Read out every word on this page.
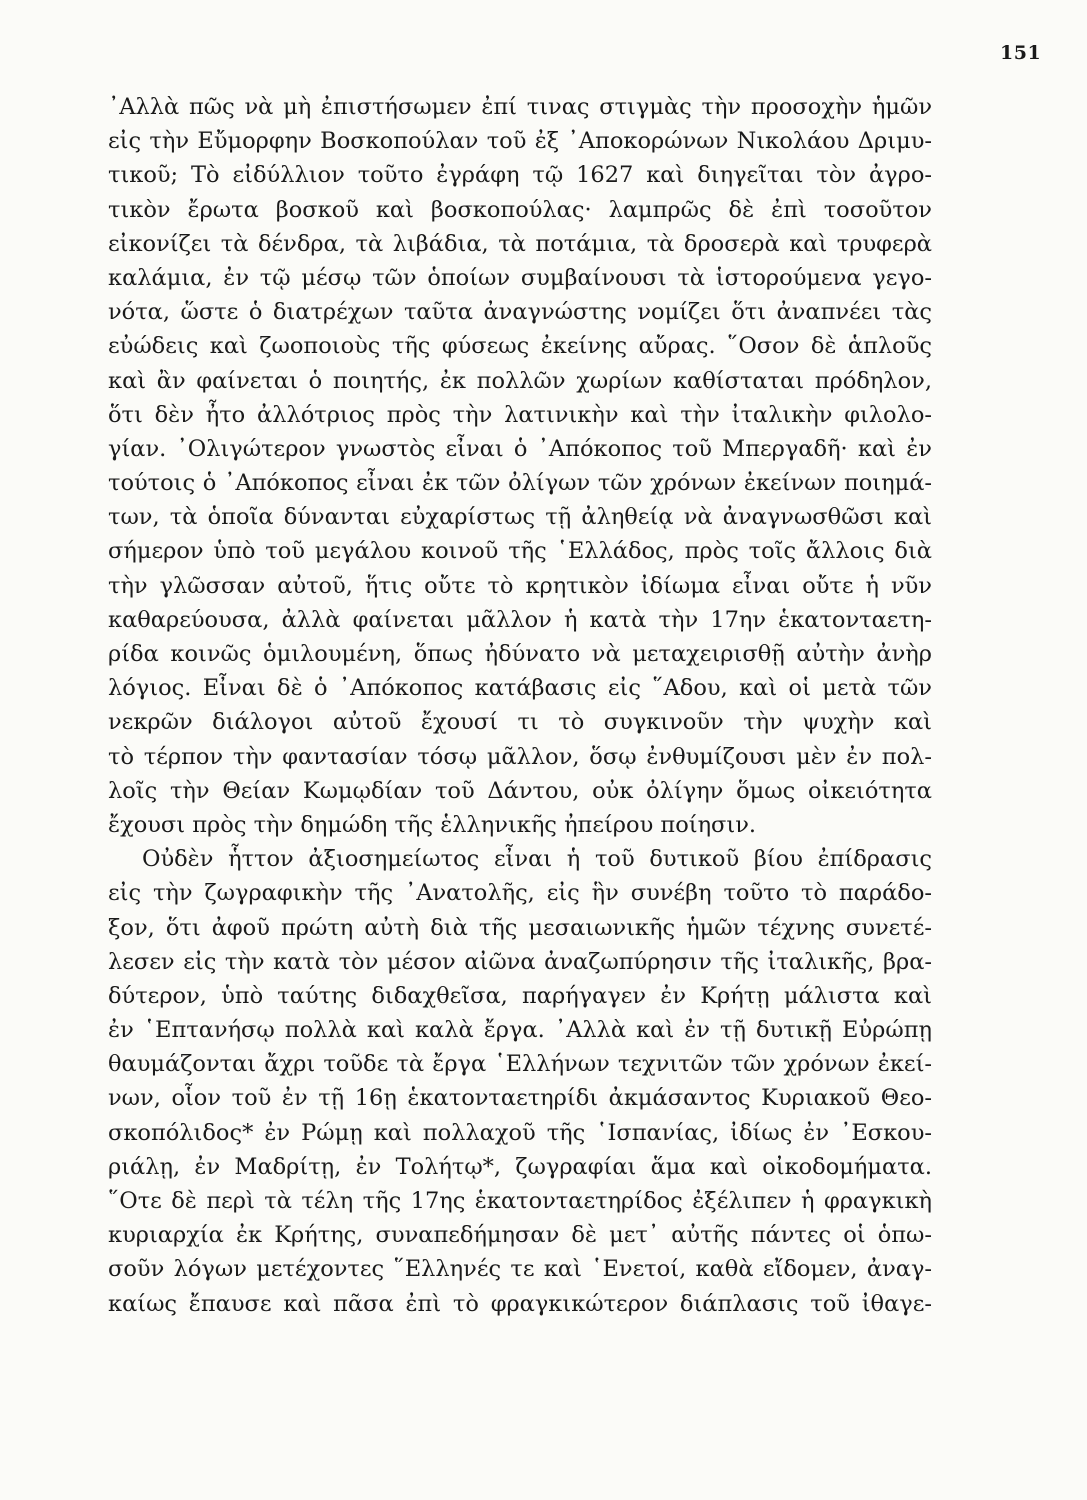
151
᾿Αλλὰ πῶς νὰ μὴ ἐπιστήσωμεν ἐπί τινας στιγμὰς τὴν προσοχὴν ἡμῶν
εἰς τὴν Εὔμορφην Βοσκοπούλαν τοῦ ἐξ ᾿Αποκορώνων Νικολάου Δριμυ-
τικοῦ; Τὸ εἰδύλλιον τοῦτο ἐγράφη τῷ 1627 καὶ διηγεῖται τὸν ἀγρο-
τικὸν ἔρωτα βοσκοῦ καὶ βοσκοπούλας· λαμπρῶς δὲ ἐπὶ τοσοῦτον
εἰκονίζει τὰ δένδρα, τὰ λιβάδια, τὰ ποτάμια, τὰ δροσερὰ καὶ τρυφερὰ
καλάμια, ἐν τῷ μέσῳ τῶν ὁποίων συμβαίνουσι τὰ ἱστορούμενα γεγο-
νότα, ὥστε ὁ διατρέχων ταῦτα ἀναγνώστης νομίζει ὅτι ἀναπνέει τὰς
εὐώδεις καὶ ζωοποιοὺς τῆς φύσεως ἐκείνης αὔρας. ῞Οσον δὲ ἁπλοῦς
καὶ ἂν φαίνεται ὁ ποιητής, ἐκ πολλῶν χωρίων καθίσταται πρόδηλον,
ὅτι δὲν ἦτο ἀλλότριος πρὸς τὴν λατινικὴν καὶ τὴν ἰταλικὴν φιλολο-
γίαν. ᾿Ολιγώτερον γνωστὸς εἶναι ὁ ᾿Απόκοπος τοῦ Μπεργαδῆ· καὶ ἐν
τούτοις ὁ ᾿Απόκοπος εἶναι ἐκ τῶν ὀλίγων τῶν χρόνων ἐκείνων ποιημά-
των, τὰ ὁποῖα δύνανται εὐχαρίστως τῇ ἀληθείᾳ νὰ ἀναγνωσθῶσι καὶ
σήμερον ὑπὸ τοῦ μεγάλου κοινοῦ τῆς ῾Ελλάδος, πρὸς τοῖς ἄλλοις διὰ
τὴν γλῶσσαν αὐτοῦ, ἥτις οὔτε τὸ κρητικὸν ἰδίωμα εἶναι οὔτε ἡ νῦν
καθαρεύουσα, ἀλλὰ φαίνεται μᾶλλον ἡ κατὰ τὴν 17ην ἑκατονταετη-
ρίδα κοινῶς ὁμιλουμένη, ὅπως ἠδύνατο νὰ μεταχειρισθῇ αὐτὴν ἀνὴρ
λόγιος. Εἶναι δὲ ὁ ᾿Απόκοπος κατάβασις εἰς ῞Αδου, καὶ οἱ μετὰ τῶν
νεκρῶν διάλογοι αὐτοῦ ἔχουσί τι τὸ συγκινοῦν τὴν ψυχὴν καὶ
τὸ τέρπον τὴν φαντασίαν τόσῳ μᾶλλον, ὅσῳ ἐνθυμίζουσι μὲν ἐν πολ-
λοῖς τὴν Θείαν Κωμῳδίαν τοῦ Δάντου, οὐκ ὀλίγην ὅμως οἰκειότητα
ἔχουσι πρὸς τὴν δημώδη τῆς ἑλληνικῆς ἠπείρου ποίησιν.
Οὐδὲν ἧττον ἀξιοσημείωτος εἶναι ἡ τοῦ δυτικοῦ βίου ἐπίδρασις
εἰς τὴν ζωγραφικὴν τῆς ᾿Ανατολῆς, εἰς ἣν συνέβη τοῦτο τὸ παράδο-
ξον, ὅτι ἀφοῦ πρώτη αὐτὴ διὰ τῆς μεσαιωνικῆς ἡμῶν τέχνης συνετέ-
λεσεν εἰς τὴν κατὰ τὸν μέσον αἰῶνα ἀναζωπύρησιν τῆς ἰταλικῆς, βρα-
δύτερον, ὑπὸ ταύτης διδαχθεῖσα, παρήγαγεν ἐν Κρήτῃ μάλιστα καὶ
ἐν ῾Επτανήσῳ πολλὰ καὶ καλὰ ἔργα. ᾿Αλλὰ καὶ ἐν τῇ δυτικῇ Εὐρώπῃ
θαυμάζονται ἄχρι τοῦδε τὰ ἔργα ῾Ελλήνων τεχνιτῶν τῶν χρόνων ἐκεί-
νων, οἷον τοῦ ἐν τῇ 16ῃ ἑκατονταετηρίδι ἀκμάσαντος Κυριακοῦ Θεο-
σκοπόλιδος* ἐν Ρώμῃ καὶ πολλαχοῦ τῆς ῾Ισπανίας, ἰδίως ἐν ᾿Εσκου-
ριάλῃ, ἐν Μαδρίτῃ, ἐν Τολήτῳ*, ζωγραφίαι ἅμα καὶ οἰκοδομήματα.
῞Οτε δὲ περὶ τὰ τέλη τῆς 17ης ἑκατονταετηρίδος ἐξέλιπεν ἡ φραγκικὴ
κυριαρχία ἐκ Κρήτης, συναπεδήμησαν δὲ μετ᾿ αὐτῆς πάντες οἱ ὁπω-
σοῦν λόγων μετέχοντες ῞Ελληνές τε καὶ ῾Ενετοί, καθὰ εἴδομεν, ἀναγ-
καίως ἔπαυσε καὶ πᾶσα ἐπὶ τὸ φραγκικώτερον διάπλασις τοῦ ἰθαγε-
